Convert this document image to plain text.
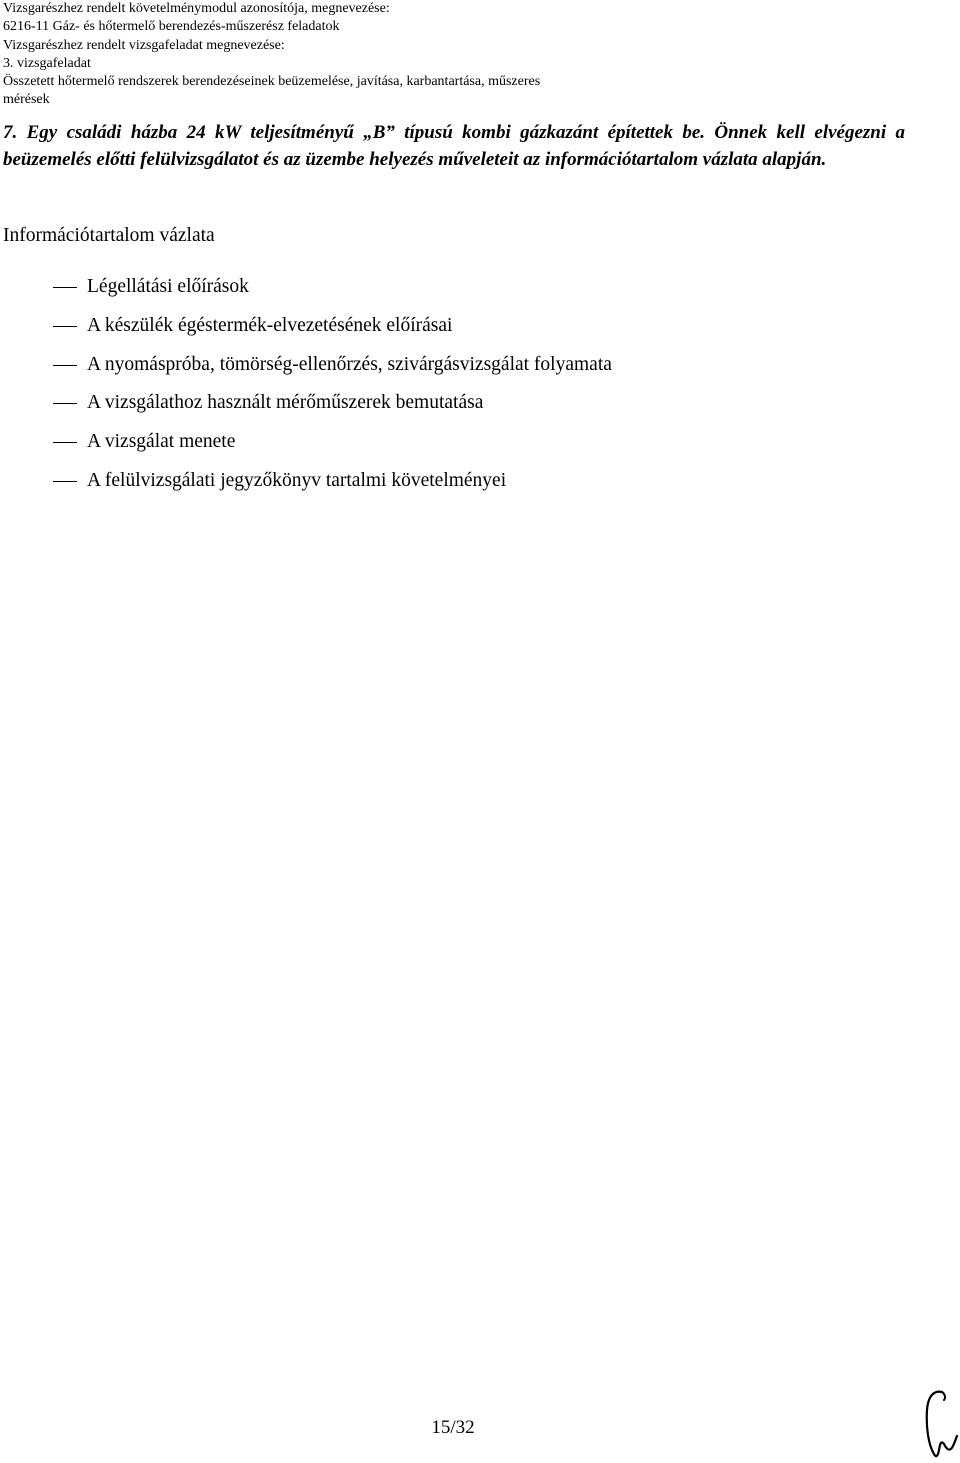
Vizsgarészhez rendelt követelménymodul azonosítója, megnevezése:
6216-11 Gáz- és hőtermelő berendezés-műszerész feladatok
Vizsgarészhez rendelt vizsgafeladat megnevezése:
3. vizsgafeladat
Összetett hőtermelő rendszerek berendezéseinek beüzemelése, javítása, karbantartása, műszeres
mérések
7. Egy családi házba 24 kW teljesítményű „B” típusú kombi gázkazánt építettek be. Önnek kell elvégezni a beüzemelés előtti felülvizsgálatot és az üzembe helyezés műveleteit az információtartalom vázlata alapján.
Információtartalom vázlata
Légellátási előírások
A készülék égéstermék-elvezetésének előírásai
A nyomáspróba, tömörség-ellenőrzés, szivárgásvizsgálat folyamata
A vizsgálathoz használt mérőműszerek bemutatása
A vizsgálat menete
A felülvizsgálati jegyzőkönyv tartalmi követelményei
15/32
